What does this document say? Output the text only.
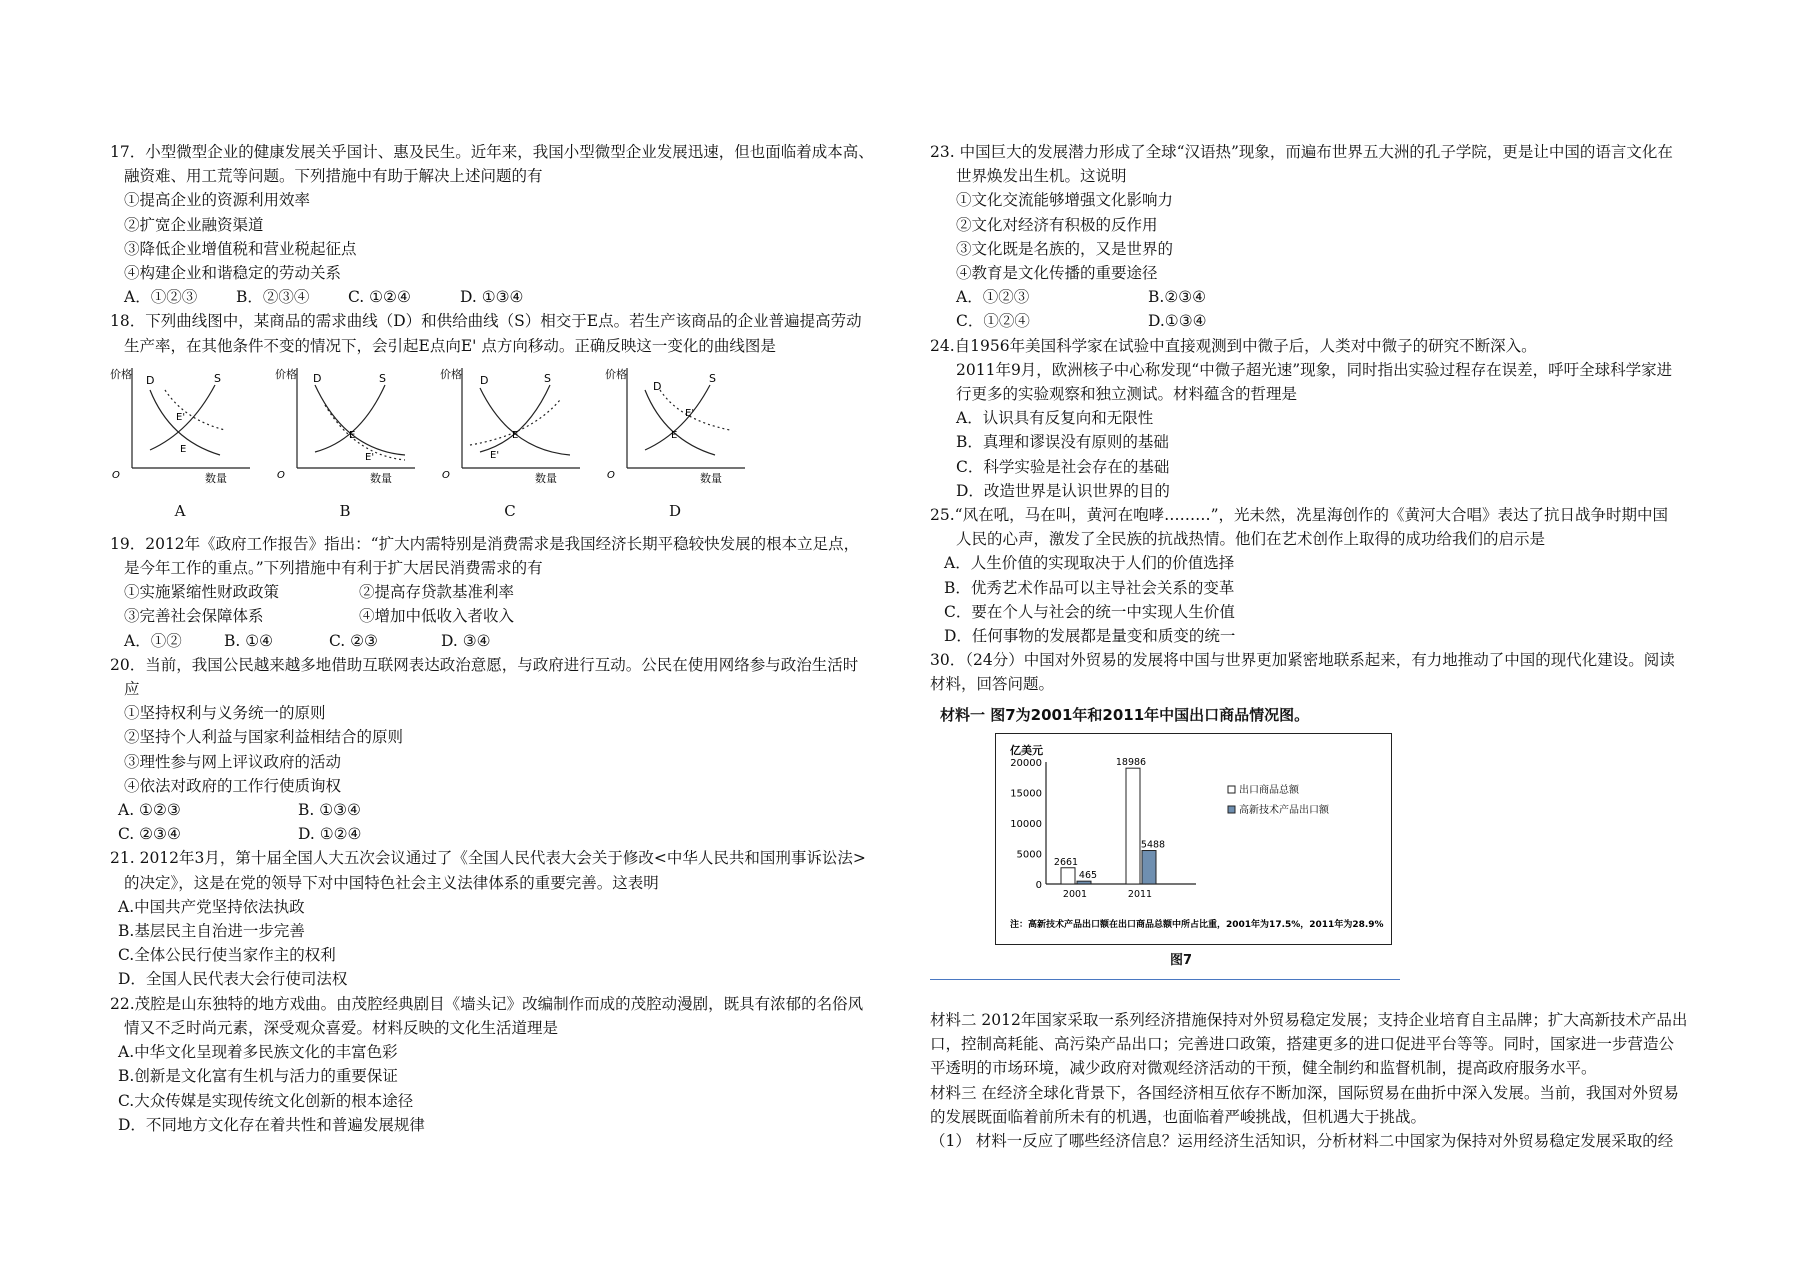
17．小型微型企业的健康发展关乎国计、惠及民生。近年来，我国小型微型企业发展迅速，但也面临着成本高、
融资难、用工荒等问题。下列措施中有助于解决上述问题的有
①提高企业的资源利用效率
②扩宽企业融资渠道
③降低企业增值税和营业税起征点
④构建企业和谐稳定的劳动关系
A．①②③	B．②③④ C. ①②④	D. ①③④
18．下列曲线图中，某商品的需求曲线（D）和供给曲线（S）相交于E点。若生产该商品的企业普遍提高劳动
生产率，在其他条件不变的情况下，会引起E点向E' 点方向移动。正确反映这一变化的曲线图是
价格 D	S
E'
E
O	数量
A
价格 D	S
E
E'
O	数量
B
价格 D	S
E
E'
O	数量
C
价格
D
S
E'
E
O	数量
D
19．2012年《政府工作报告》指出：“扩大内需特别是消费需求是我国经济长期平稳较快发展的根本立足点，
是今年工作的重点。”下列措施中有利于扩大居民消费需求的有
①实施紧缩性财政政策	②提高存贷款基准利率
③完善社会保障体系	④增加中低收入者收入
A．①②	B. ①④	C. ②③	D. ③④
20．当前，我国公民越来越多地借助互联网表达政治意愿，与政府进行互动。公民在使用网络参与政治生活时
应
①坚持权利与义务统一的原则
②坚持个人利益与国家利益相结合的原则
③理性参与网上评议政府的活动
④依法对政府的工作行使质询权
A. ①②③	B. ①③④
C. ②③④	D. ①②④
21. 2012年3月，第十届全国人大五次会议通过了《全国人民代表大会关于修改<中华人民共和国刑事诉讼法>
的决定》，这是在党的领导下对中国特色社会主义法律体系的重要完善。这表明
A.中国共产党坚持依法执政
B.基层民主自治进一步完善
C.全体公民行使当家作主的权利
D．全国人民代表大会行使司法权
22.茂腔是山东独特的地方戏曲。由茂腔经典剧目《墙头记》改编制作而成的茂腔动漫剧，既具有浓郁的名俗风
情又不乏时尚元素，深受观众喜爱。材料反映的文化生活道理是
A.中华文化呈现着多民族文化的丰富色彩
B.创新是文化富有生机与活力的重要保证
C.大众传媒是实现传统文化创新的根本途径
D．不同地方文化存在着共性和普遍发展规律
23. 中国巨大的发展潜力形成了全球“汉语热”现象，而遍布世界五大洲的孔子学院，更是让中国的语言文化在
世界焕发出生机。这说明
①文化交流能够增强文化影响力
②文化对经济有积极的反作用
③文化既是名族的，又是世界的
④教育是文化传播的重要途径
A．①②③	B.②③④
C．①②④	D.①③④
24.自1956年美国科学家在试验中直接观测到中微子后，人类对中微子的研究不断深入。
2011年9月，欧洲核子中心称发现“中微子超光速”现象，同时指出实验过程存在误差，呼吁全球科学家进
行更多的实验观察和独立测试。材料蕴含的哲理是
A．认识具有反复向和无限性
B．真理和谬误没有原则的基础
C．科学实验是社会存在的基础
D．改造世界是认识世界的目的
25.“风在吼，马在叫，黄河在咆哮………”，光未然，冼星海创作的《黄河大合唱》表达了抗日战争时期中国
人民的心声，激发了全民族的抗战热情。他们在艺术创作上取得的成功给我们的启示是
A．人生价值的实现取决于人们的价值选择
B．优秀艺术作品可以主导社会关系的变革
C．要在个人与社会的统一中实现人生价值
D．任何事物的发展都是量变和质变的统一
30．（24分）中国对外贸易的发展将中国与世界更加紧密地联系起来，有力地推动了中国的现代化建设。阅读
材料，回答问题。
材料一 图7为2001年和2011年中国出口商品情况图。
亿美元
0
5000
10000
15000
20000
2661
465
18986
5488
2001	2011
出口商品总额
高新技术产品出口额
注：高新技术产品出口额在出口商品总额中所占比重，2001年为17.5%，2011年为28.9%
图7
材料二 2012年国家采取一系列经济措施保持对外贸易稳定发展；支持企业培育自主品牌；扩大高新技术产品出
口，控制高耗能、高污染产品出口；完善进口政策，搭建更多的进口促进平台等等。同时，国家进一步营造公
平透明的市场环境，减少政府对微观经济活动的干预，健全制约和监督机制，提高政府服务水平。
材料三 在经济全球化背景下，各国经济相互依存不断加深，国际贸易在曲折中深入发展。当前，我国对外贸易
的发展既面临着前所未有的机遇，也面临着严峻挑战，但机遇大于挑战。
（1） 材料一反应了哪些经济信息？运用经济生活知识，分析材料二中国家为保持对外贸易稳定发展采取的经
